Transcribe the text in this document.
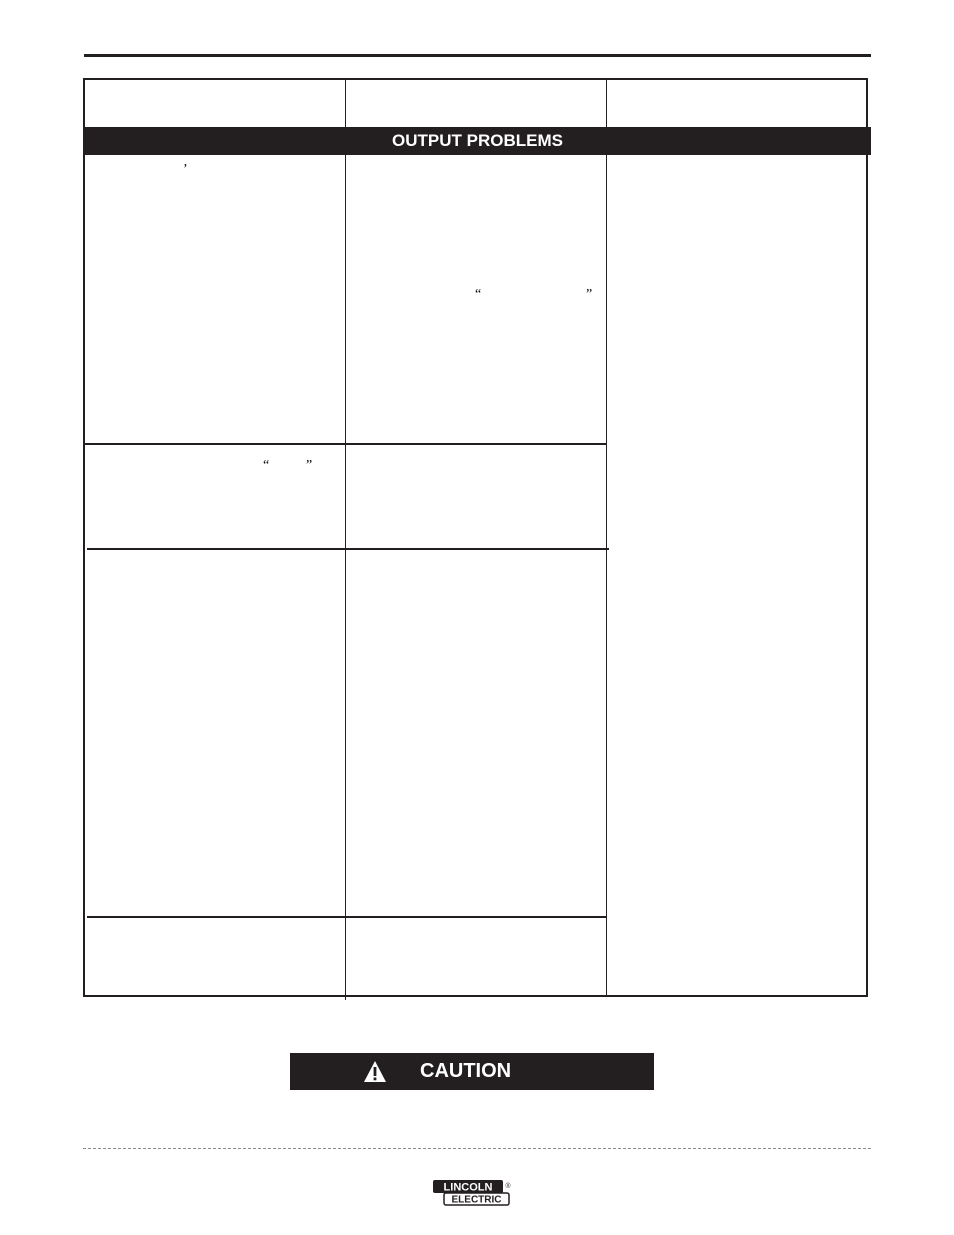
OUTPUT PROBLEMS
’
“	”
“	”
CAUTION
LINCOLN
ELECTRIC
®
